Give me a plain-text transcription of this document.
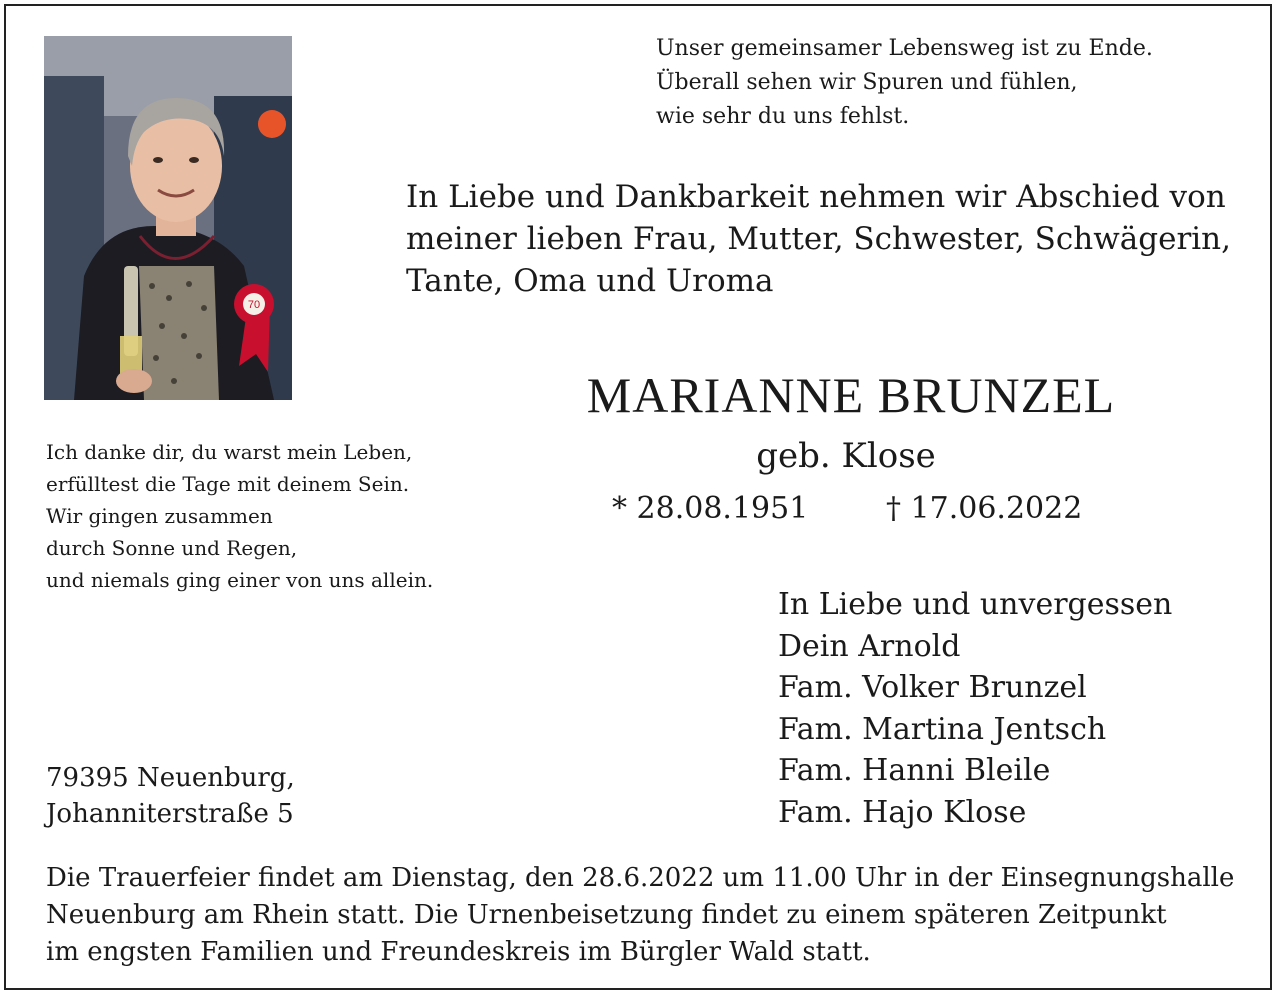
70
Unser gemeinsamer Lebensweg ist zu Ende.
Überall sehen wir Spuren und fühlen,
wie sehr du uns fehlst.
In Liebe und Dankbarkeit nehmen wir Abschied von
meiner lieben Frau, Mutter, Schwester, Schwägerin,
Tante, Oma und Uroma
MARIANNE BRUNZEL
geb. Klose
* 28.08.1951	† 17.06.2022
Ich danke dir, du warst mein Leben,
erfülltest die Tage mit deinem Sein.
Wir gingen zusammen
durch Sonne und Regen,
und niemals ging einer von uns allein.
In Liebe und unvergessen
Dein Arnold
Fam. Volker Brunzel
Fam. Martina Jentsch
Fam. Hanni Bleile
Fam. Hajo Klose
79395 Neuenburg,
Johanniterstraße 5
Die Trauerfeier findet am Dienstag, den 28.6.2022 um 11.00 Uhr in der Einsegnungshalle
Neuenburg am Rhein statt. Die Urnenbeisetzung findet zu einem späteren Zeitpunkt
im engsten Familien und Freundeskreis im Bürgler Wald statt.
